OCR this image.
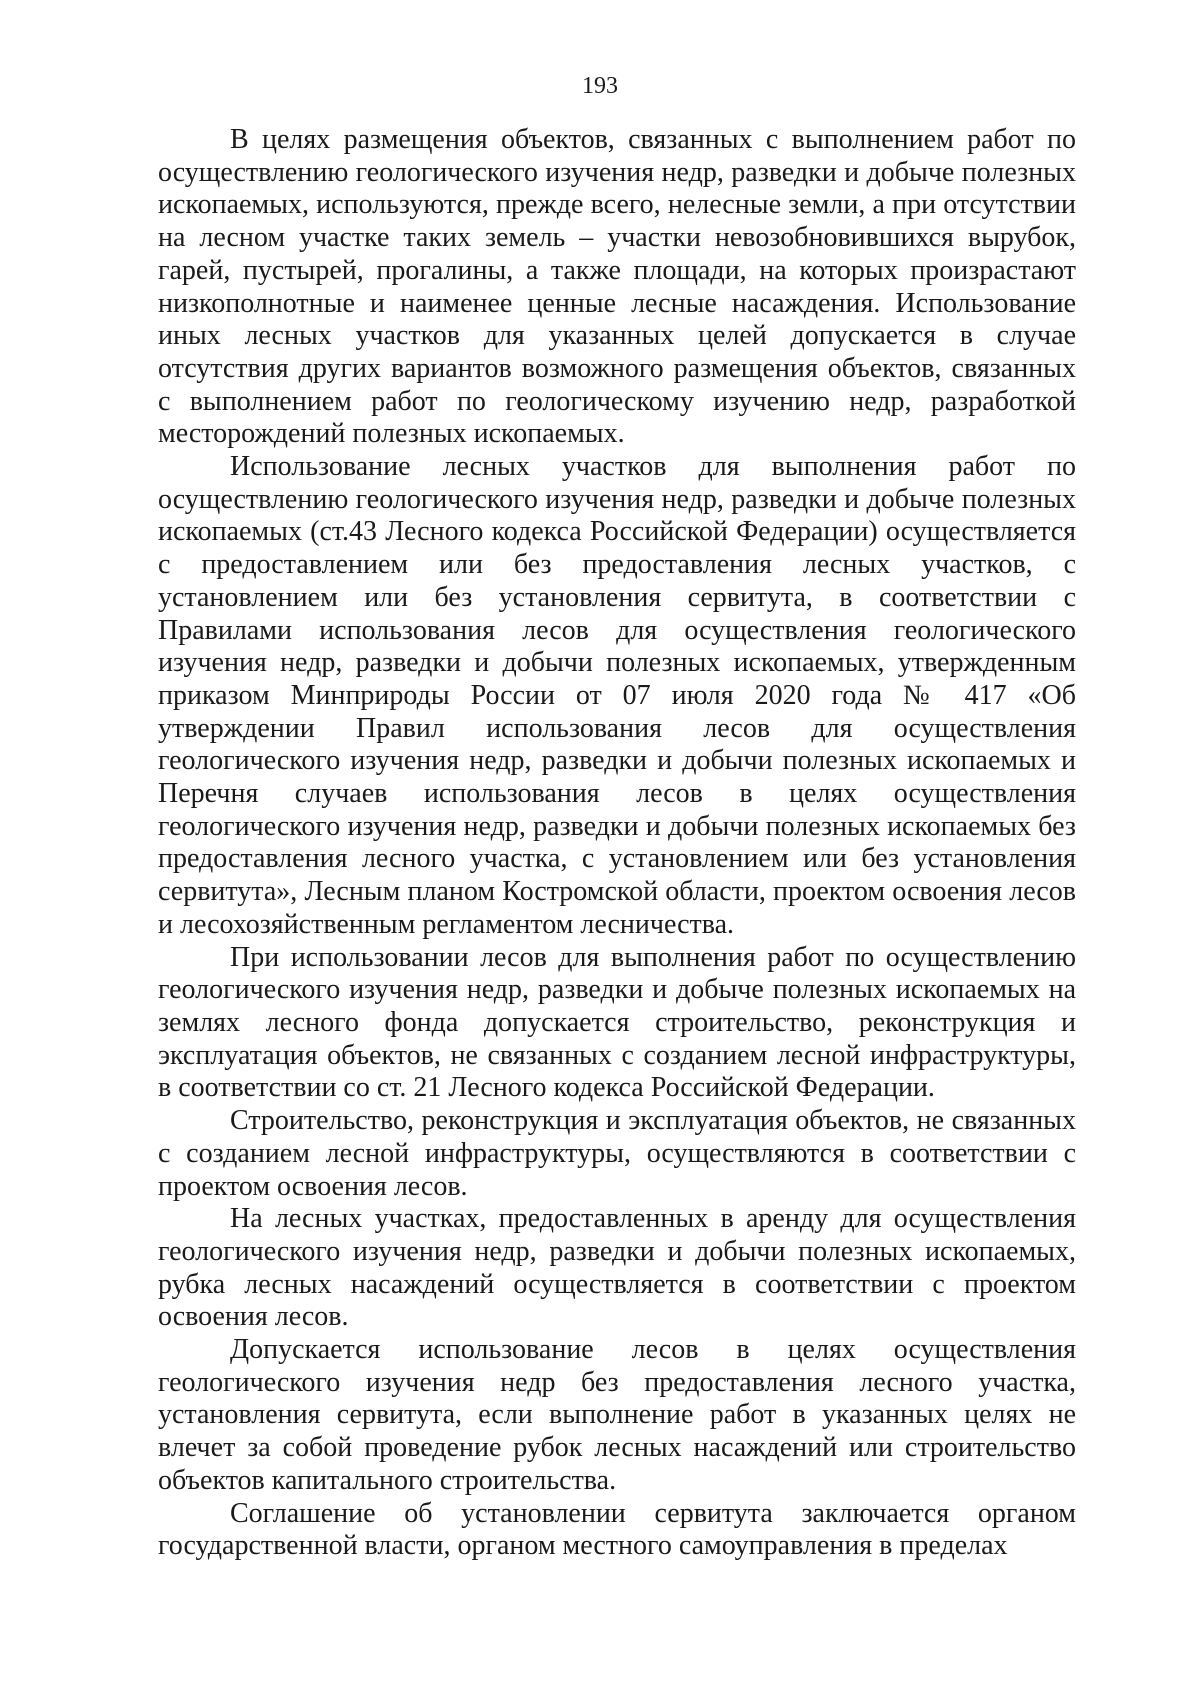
193

В целях размещения объектов, связанных с выполнением работ по осуществлению геологического изучения недр, разведки и добыче полезных ископаемых, используются, прежде всего, нелесные земли, а при отсутствии на лесном участке таких земель – участки невозобновившихся вырубок, гарей, пустырей, прогалины, а также площади, на которых произрастают низкополнотные и наименее ценные лесные насаждения. Использование иных лесных участков для указанных целей допускается в случае отсутствия других вариантов возможного размещения объектов, связанных с выполнением работ по геологическому изучению недр, разработкой месторождений полезных ископаемых.

Использование лесных участков для выполнения работ по осуществлению геологического изучения недр, разведки и добыче полезных ископаемых (ст.43 Лесного кодекса Российской Федерации) осуществляется с предоставлением или без предоставления лесных участков, с установлением или без установления сервитута, в соответствии с Правилами использования лесов для осуществления геологического изучения недр, разведки и добычи полезных ископаемых, утвержденным приказом Минприроды России от 07 июля 2020 года № 417 «Об утверждении Правил использования лесов для осуществления геологического изучения недр, разведки и добычи полезных ископаемых и Перечня случаев использования лесов в целях осуществления геологического изучения недр, разведки и добычи полезных ископаемых без предоставления лесного участка, с установлением или без установления сервитута», Лесным планом Костромской области, проектом освоения лесов и лесохозяйственным регламентом лесничества.

При использовании лесов для выполнения работ по осуществлению геологического изучения недр, разведки и добыче полезных ископаемых на землях лесного фонда допускается строительство, реконструкция и эксплуатация объектов, не связанных с созданием лесной инфраструктуры, в соответствии со ст. 21 Лесного кодекса Российской Федерации.

Строительство, реконструкция и эксплуатация объектов, не связанных с созданием лесной инфраструктуры, осуществляются в соответствии с проектом освоения лесов.

На лесных участках, предоставленных в аренду для осуществления геологического изучения недр, разведки и добычи полезных ископаемых, рубка лесных насаждений осуществляется в соответствии с проектом освоения лесов.

Допускается использование лесов в целях осуществления геологического изучения недр без предоставления лесного участка, установления сервитута, если выполнение работ в указанных целях не влечет за собой проведение рубок лесных насаждений или строительство объектов капитального строительства.

Соглашение об установлении сервитута заключается органом государственной власти, органом местного самоуправления в пределах
